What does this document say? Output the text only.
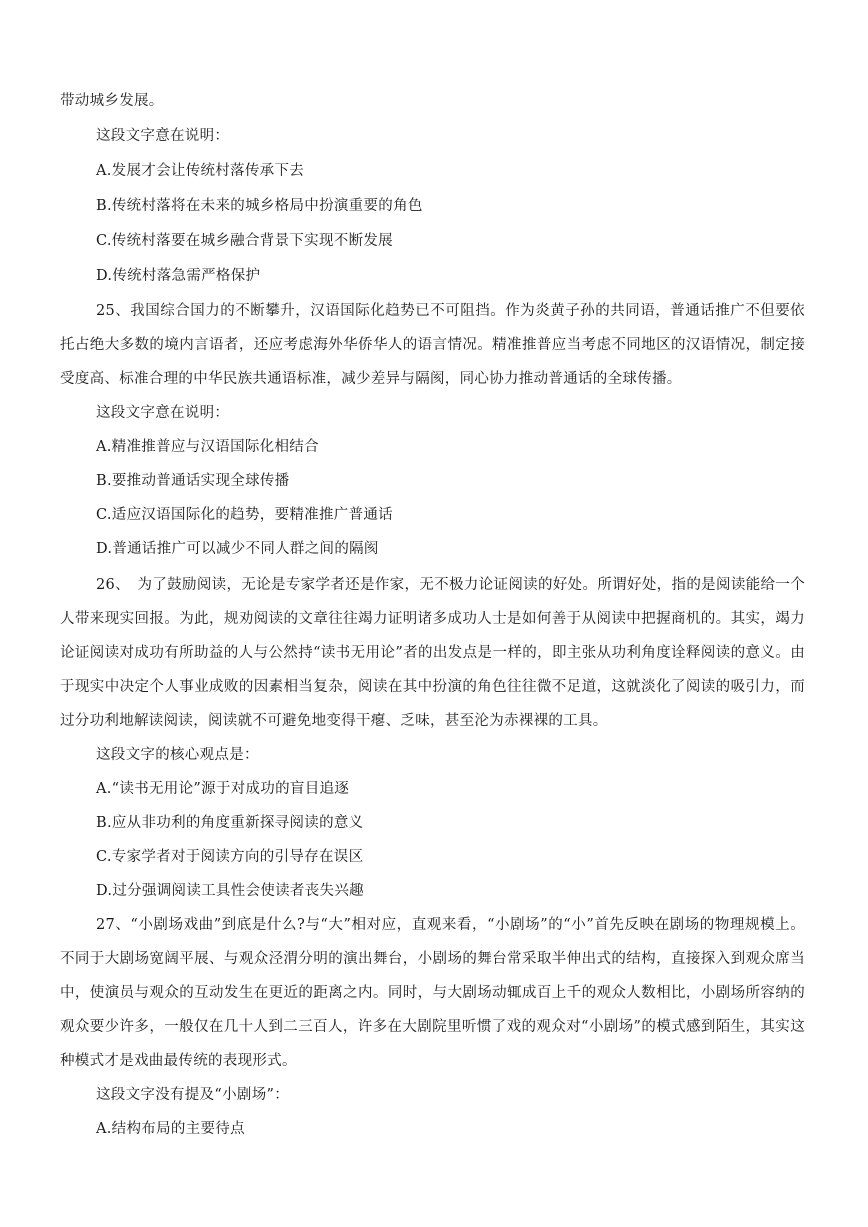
带动城乡发展。
这段文字意在说明：
A.发展才会让传统村落传承下去
B.传统村落将在未来的城乡格局中扮演重要的角色
C.传统村落要在城乡融合背景下实现不断发展
D.传统村落急需严格保护
25、我国综合国力的不断攀升，汉语国际化趋势已不可阻挡。作为炎黄子孙的共同语，普通话推广不但要依托占绝大多数的境内言语者，还应考虑海外华侨华人的语言情况。精准推普应当考虑不同地区的汉语情况，制定接受度高、标准合理的中华民族共通语标准，减少差异与隔阂，同心协力推动普通话的全球传播。
这段文字意在说明：
A.精准推普应与汉语国际化相结合
B.要推动普通话实现全球传播
C.适应汉语国际化的趋势，要精准推广普通话
D.普通话推广可以减少不同人群之间的隔阂
26、　为了鼓励阅读，无论是专家学者还是作家，无不极力论证阅读的好处。所谓好处，指的是阅读能给一个人带来现实回报。为此，规劝阅读的文章往往竭力证明诸多成功人士是如何善于从阅读中把握商机的。其实，竭力论证阅读对成功有所助益的人与公然持“读书无用论”者的出发点是一样的，即主张从功利角度诠释阅读的意义。由于现实中决定个人事业成败的因素相当复杂，阅读在其中扮演的角色往往微不足道，这就淡化了阅读的吸引力，而过分功利地解读阅读，阅读就不可避免地变得干瘪、乏味，甚至沦为赤裸裸的工具。
这段文字的核心观点是：
A.“读书无用论”源于对成功的盲目追逐
B.应从非功利的角度重新探寻阅读的意义
C.专家学者对于阅读方向的引导存在误区
D.过分强调阅读工具性会使读者丧失兴趣
27、“小剧场戏曲”到底是什么?与“大”相对应，直观来看，“小剧场”的“小”首先反映在剧场的物理规模上。不同于大剧场宽阔平展、与观众泾渭分明的演出舞台，小剧场的舞台常采取半伸出式的结构，直接探入到观众席当中，使演员与观众的互动发生在更近的距离之内。同时，与大剧场动辄成百上千的观众人数相比，小剧场所容纳的观众要少许多，一般仅在几十人到二三百人，许多在大剧院里听惯了戏的观众对“小剧场”的模式感到陌生，其实这种模式才是戏曲最传统的表现形式。
这段文字没有提及“小剧场”：
A.结构布局的主要待点
